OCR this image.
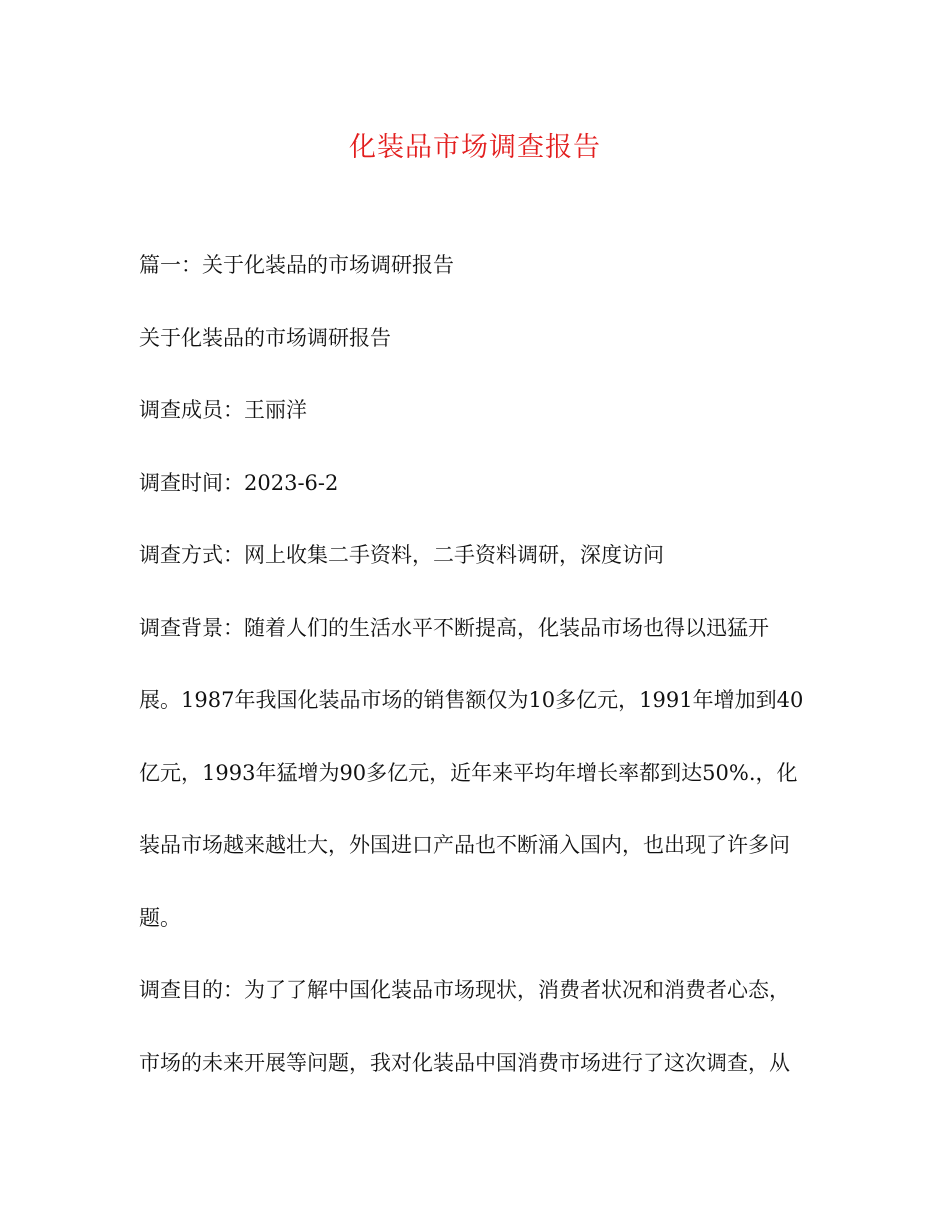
化装品市场调查报告
篇一：关于化装品的市场调研报告
关于化装品的市场调研报告
调查成员：王丽洋
调查时间：2023-6-2
调查方式：网上收集二手资料，二手资料调研，深度访问
调查背景：随着人们的生活水平不断提高，化装品市场也得以迅猛开
展。1987年我国化装品市场的销售额仅为10多亿元，1991年增加到40
亿元，1993年猛增为90多亿元，近年来平均年增长率都到达50%.，化
装品市场越来越壮大，外国进口产品也不断涌入国内，也出现了许多问
题。
调查目的：为了了解中国化装品市场现状，消费者状况和消费者心态，
市场的未来开展等问题，我对化装品中国消费市场进行了这次调查，从
